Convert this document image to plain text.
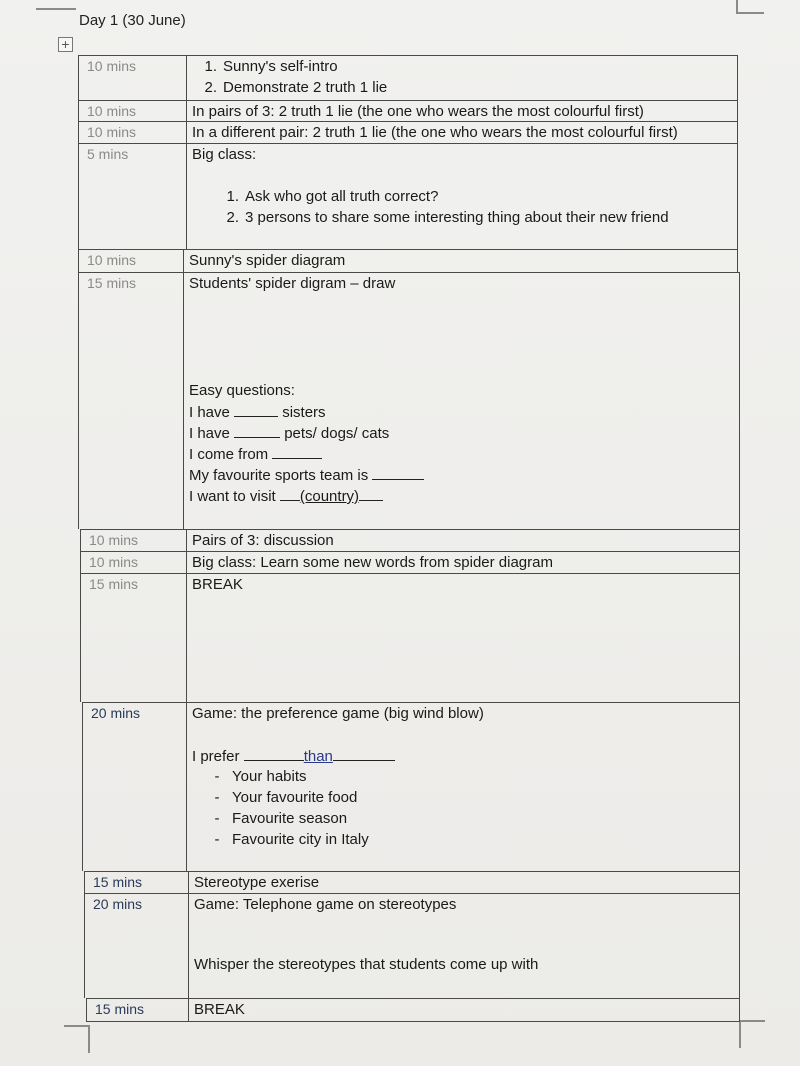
Day 1 (30 June)
+
10 mins	1. Sunny's self-intro
2. Demonstrate 2 truth 1 lie
10 mins	In pairs of 3: 2 truth 1 lie (the one who wears the most colourful first)
10 mins	In a different pair: 2 truth 1 lie (the one who wears the most colourful first)
5 mins	Big class:
1. Ask who got all truth correct?
2. 3 persons to share some interesting thing about their new friend
10 mins	Sunny's spider diagram
15 mins	Students' spider digram – draw
Easy questions:
I have	sisters
I have	pets/ dogs/ cats
I come from
My favourite sports team is
I want to visit (country)
10 mins	Pairs of 3: discussion
10 mins	Big class: Learn some new words from spider diagram
15 mins	BREAK
20 mins	Game: the preference game (big wind blow)
I prefer	than
- Your habits
- Your favourite food
- Favourite season
- Favourite city in Italy
15 mins	Stereotype exerise
20 mins	Game: Telephone game on stereotypes
Whisper the stereotypes that students come up with
15 mins	BREAK
